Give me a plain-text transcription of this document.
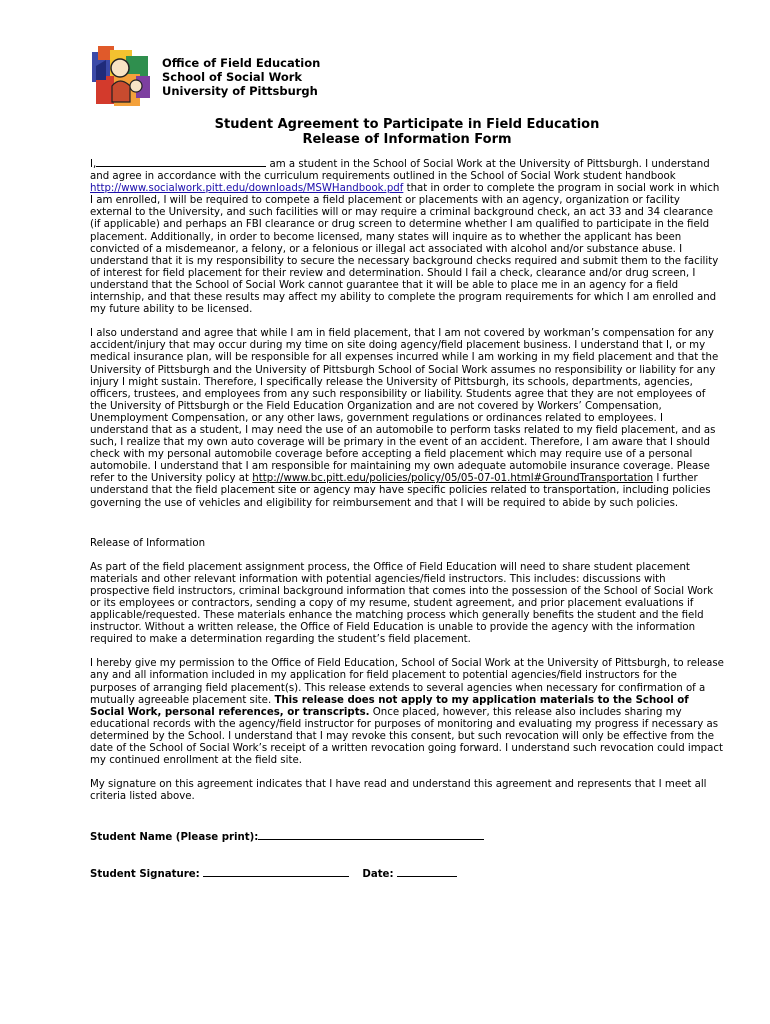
Office of Field Education
School of Social Work
University of Pittsburgh
Student Agreement to Participate in Field Education
Release of Information Form

I,	am a student in the School of Social Work at the University of Pittsburgh. I understand and agree in accordance with the curriculum requirements outlined in the School of Social Work student handbook http://www.socialwork.pitt.edu/downloads/MSWHandbook.pdf that in order to complete the program in social work in which I am enrolled, I will be required to compete a field placement or placements with an agency, organization or facility external to the University, and such facilities will or may require a criminal background check, an act 33 and 34 clearance (if applicable) and perhaps an FBI clearance or drug screen to determine whether I am qualified to participate in the field placement. Additionally, in order to become licensed, many states will inquire as to whether the applicant has been convicted of a misdemeanor, a felony, or a felonious or illegal act associated with alcohol and/or substance abuse. I understand that it is my responsibility to secure the necessary background checks required and submit them to the facility of interest for field placement for their review and determination. Should I fail a check, clearance and/or drug screen, I understand that the School of Social Work cannot guarantee that it will be able to place me in an agency for a field internship, and that these results may affect my ability to complete the program requirements for which I am enrolled and my future ability to be licensed.

I also understand and agree that while I am in field placement, that I am not covered by workman’s compensation for any accident/injury that may occur during my time on site doing agency/field placement business. I understand that I, or my medical insurance plan, will be responsible for all expenses incurred while I am working in my field placement and that the University of Pittsburgh and the University of Pittsburgh School of Social Work assumes no responsibility or liability for any injury I might sustain. Therefore, I specifically release the University of Pittsburgh, its schools, departments, agencies, officers, trustees, and employees from any such responsibility or liability. Students agree that they are not employees of the University of Pittsburgh or the Field Education Organization and are not covered by Workers’ Compensation, Unemployment Compensation, or any other laws, government regulations or ordinances related to employees. I understand that as a student, I may need the use of an automobile to perform tasks related to my field placement, and as such, I realize that my own auto coverage will be primary in the event of an accident. Therefore, I am aware that I should check with my personal automobile coverage before accepting a field placement which may require use of a personal automobile. I understand that I am responsible for maintaining my own adequate automobile insurance coverage. Please refer to the University policy at http://www.bc.pitt.edu/policies/policy/05/05-07-01.html#GroundTransportation I further understand that the field placement site or agency may have specific policies related to transportation, including policies governing the use of vehicles and eligibility for reimbursement and that I will be required to abide by such policies.

Release of Information

As part of the field placement assignment process, the Office of Field Education will need to share student placement materials and other relevant information with potential agencies/field instructors. This includes: discussions with prospective field instructors, criminal background information that comes into the possession of the School of Social Work or its employees or contractors, sending a copy of my resume, student agreement, and prior placement evaluations if applicable/requested. These materials enhance the matching process which generally benefits the student and the field instructor. Without a written release, the Office of Field Education is unable to provide the agency with the information required to make a determination regarding the student’s field placement.

I hereby give my permission to the Office of Field Education, School of Social Work at the University of Pittsburgh, to release any and all information included in my application for field placement to potential agencies/field instructors for the purposes of arranging field placement(s). This release extends to several agencies when necessary for confirmation of a mutually agreeable placement site. This release does not apply to my application materials to the School of Social Work, personal references, or transcripts. Once placed, however, this release also includes sharing my educational records with the agency/field instructor for purposes of monitoring and evaluating my progress if necessary as determined by the School. I understand that I may revoke this consent, but such revocation will only be effective from the date of the School of Social Work’s receipt of a written revocation going forward. I understand such revocation could impact my continued enrollment at the field site.

My signature on this agreement indicates that I have read and understand this agreement and represents that I meet all criteria listed above.

Student Name (Please print):
Student Signature:	Date:
